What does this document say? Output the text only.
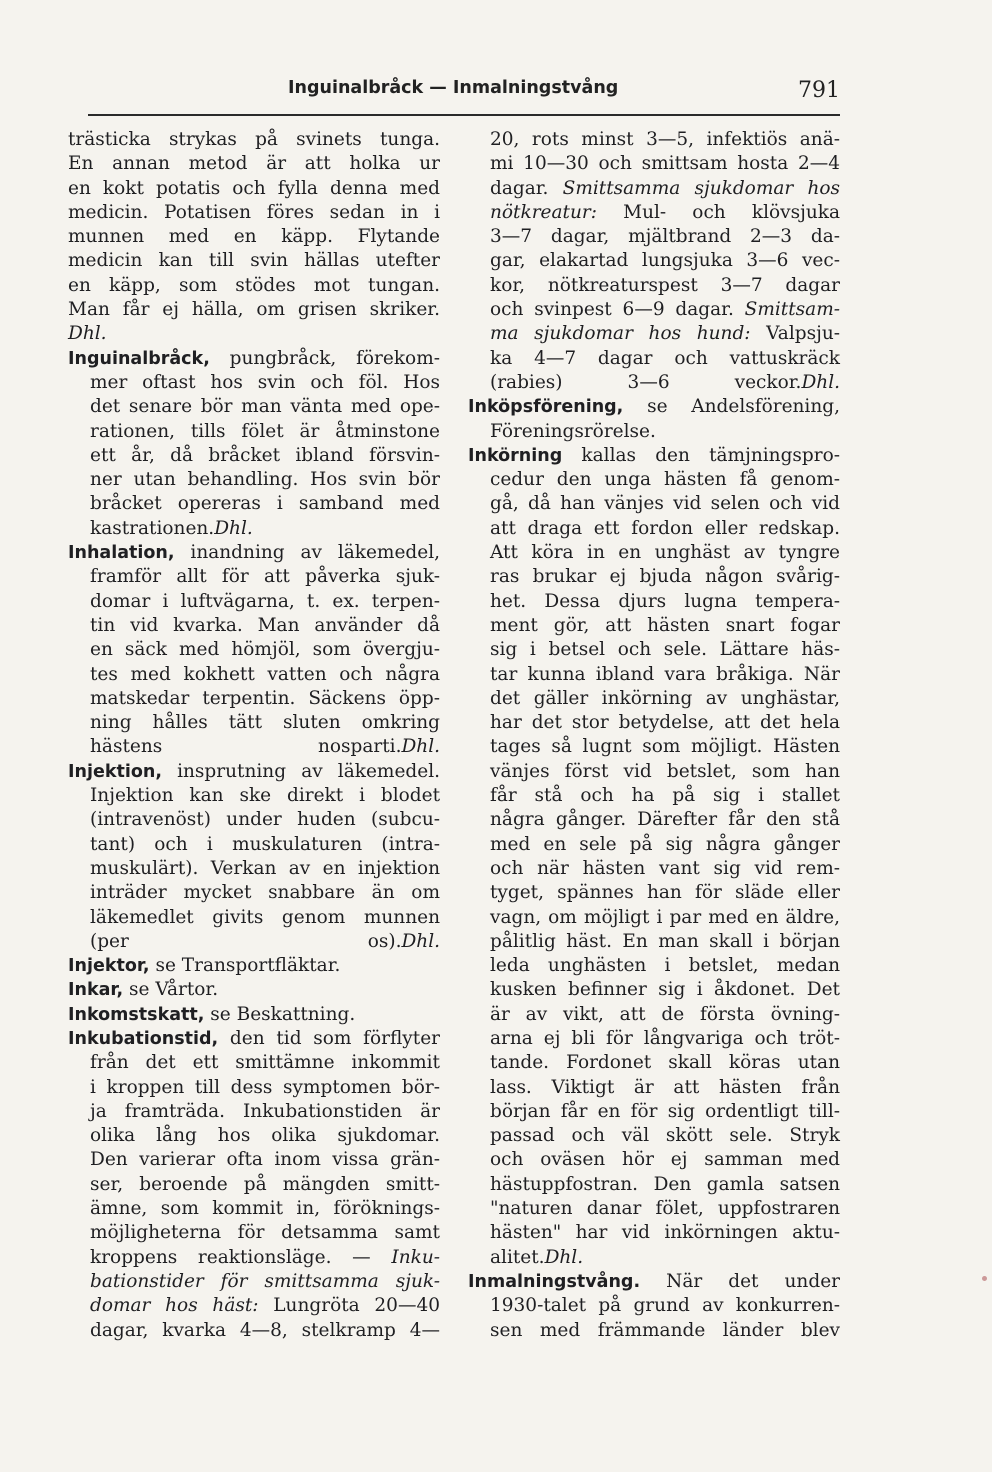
Inguinalbråck — Inmalningstvång	791
trästicka strykas på svinets tunga.
En annan metod är att holka ur
en kokt potatis och fylla denna med
medicin. Potatisen föres sedan in i
munnen med en käpp. Flytande
medicin kan till svin hällas utefter
en käpp, som stödes mot tungan.
Man får ej hälla, om grisen skriker.
Dhl.
Inguinalbråck, pungbråck, förekom-
mer oftast hos svin och föl. Hos
det senare bör man vänta med ope-
rationen, tills fölet är åtminstone
ett år, då bråcket ibland försvin-
ner utan behandling. Hos svin bör
bråcket opereras i samband med
kastrationen.Dhl.
Inhalation, inandning av läkemedel,
framför allt för att påverka sjuk-
domar i luftvägarna, t. ex. terpen-
tin vid kvarka. Man använder då
en säck med hömjöl, som övergju-
tes med kokhett vatten och några
matskedar terpentin. Säckens öpp-
ning hålles tätt sluten omkring
hästens nosparti.Dhl.
Injektion, insprutning av läkemedel.
Injektion kan ske direkt i blodet
(intravenöst) under huden (subcu-
tant) och i muskulaturen (intra-
muskulärt). Verkan av en injektion
inträder mycket snabbare än om
läkemedlet givits genom munnen
(per os).Dhl.
Injektor, se Transportfläktar.
Inkar, se Vårtor.
Inkomstskatt, se Beskattning.
Inkubationstid, den tid som förflyter
från det ett smittämne inkommit
i kroppen till dess symptomen bör-
ja framträda. Inkubationstiden är
olika lång hos olika sjukdomar.
Den varierar ofta inom vissa grän-
ser, beroende på mängden smitt-
ämne, som kommit in, föröknings-
möjligheterna för detsamma samt
kroppens reaktionsläge. — Inku-
bationstider för smittsamma sjuk-
domar hos häst: Lungröta 20—40
dagar, kvarka 4—8, stelkramp 4—
20, rots minst 3—5, infektiös anä-
mi 10—30 och smittsam hosta 2—4
dagar. Smittsamma sjukdomar hos
nötkreatur: Mul- och klövsjuka
3—7 dagar, mjältbrand 2—3 da-
gar, elakartad lungsjuka 3—6 vec-
kor, nötkreaturspest 3—7 dagar
och svinpest 6—9 dagar. Smittsam-
ma sjukdomar hos hund: Valpsju-
ka 4—7 dagar och vattuskräck
(rabies) 3—6 veckor.Dhl.
Inköpsförening, se Andelsförening,
Föreningsrörelse.
Inkörning kallas den tämjningspro-
cedur den unga hästen få genom-
gå, då han vänjes vid selen och vid
att draga ett fordon eller redskap.
Att köra in en unghäst av tyngre
ras brukar ej bjuda någon svårig-
het. Dessa djurs lugna tempera-
ment gör, att hästen snart fogar
sig i betsel och sele. Lättare häs-
tar kunna ibland vara bråkiga. När
det gäller inkörning av unghästar,
har det stor betydelse, att det hela
tages så lugnt som möjligt. Hästen
vänjes först vid betslet, som han
får stå och ha på sig i stallet
några gånger. Därefter får den stå
med en sele på sig några gånger
och när hästen vant sig vid rem-
tyget, spännes han för släde eller
vagn, om möjligt i par med en äldre,
pålitlig häst. En man skall i början
leda unghästen i betslet, medan
kusken befinner sig i åkdonet. Det
är av vikt, att de första övning-
arna ej bli för långvariga och tröt-
tande. Fordonet skall köras utan
lass. Viktigt är att hästen från
början får en för sig ordentligt till-
passad och väl skött sele. Stryk
och oväsen hör ej samman med
hästuppfostran. Den gamla satsen
"naturen danar fölet, uppfostraren
hästen" har vid inkörningen aktu-
alitet.Dhl.
Inmalningstvång. När det under
1930-talet på grund av konkurren-
sen med främmande länder blev
